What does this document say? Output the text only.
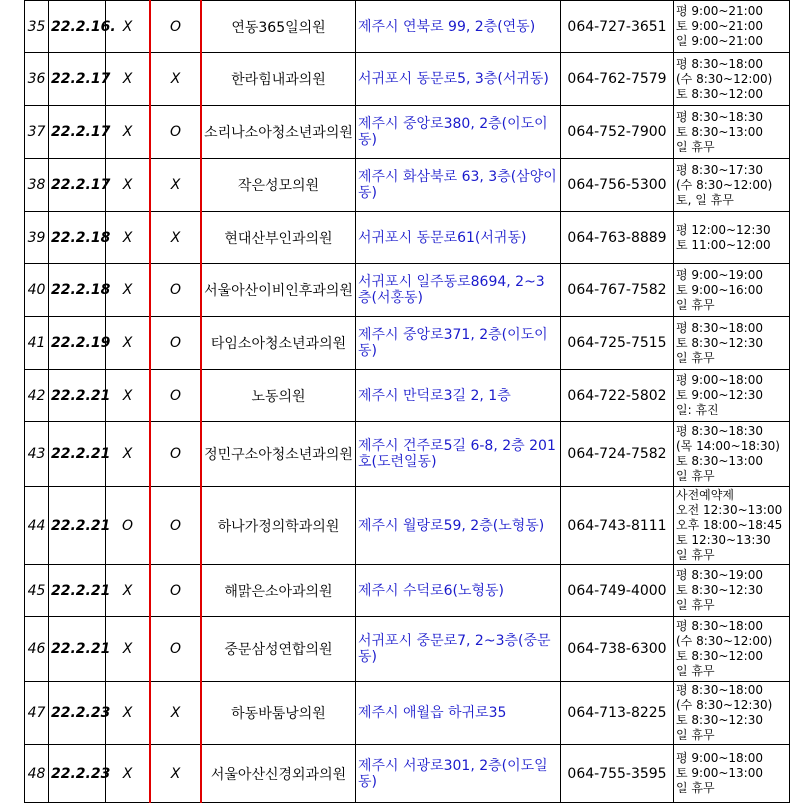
35	22.2.16.	X	O	연동365일의원	제주시 연북로 99, 2층(연동)	064-727-3651	평 9:00~21:00
토 9:00~21:00
일 9:00~21:00

36	22.2.17	X	X	한라힘내과의원	서귀포시 동문로5, 3층(서귀동)	064-762-7579	평 8:30~18:00
(수 8:30~12:00)
토 8:30~12:00

37	22.2.17	X	O	소리나소아청소년과의원	제주시 중앙로380, 2층(이도이동)	064-752-7900	평 8:30~18:30
토 8:30~13:00
일 휴무

38	22.2.17	X	X	작은성모의원	제주시 화삼북로 63, 3층(삼양이동)	064-756-5300	평 8:30~17:30
(수 8:30~12:00)
토, 일 휴무

39	22.2.18	X	X	현대산부인과의원	서귀포시 동문로61(서귀동)	064-763-8889	평 12:00~12:30
토 11:00~12:00

40	22.2.18	X	O	서울아산이비인후과의원	서귀포시 일주동로8694, 2~3층(서홍동)	064-767-7582	평 9:00~19:00
토 9:00~16:00
일 휴무

41	22.2.19	X	O	타임소아청소년과의원	제주시 중앙로371, 2층(이도이동)	064-725-7515	평 8:30~18:00
토 8:30~12:30
일 휴무

42	22.2.21	X	O	노동의원	제주시 만덕로3길 2, 1층	064-722-5802	평 9:00~18:00
토 9:00~12:30
일: 휴진

43	22.2.21	X	O	정민구소아청소년과의원	제주시 건주로5길 6-8, 2층 201호(도련일동)	064-724-7582	평 8:30~18:30
(목 14:00~18:30)
토 8:30~13:00
일 휴무

44	22.2.21	O	O	하나가정의학과의원	제주시 월랑로59, 2층(노형동)	064-743-8111	사전예약제
오전 12:30~13:00
오후 18:00~18:45
토 12:30~13:30
일 휴무

45	22.2.21	X	O	해맑은소아과의원	제주시 수덕로6(노형동)	064-749-4000	평 8:30~19:00
토 8:30~12:30
일 휴무

46	22.2.21	X	O	중문삼성연합의원	서귀포시 중문로7, 2~3층(중문동)	064-738-6300	평 8:30~18:00
(수 8:30~12:00)
토 8:30~12:00
일 휴무

47	22.2.23	X	X	하동바툼낭의원	제주시 애월읍 하귀로35	064-713-8225	평 8:30~18:00
(수 8:30~12:30)
토 8:30~12:30
일 휴무

48	22.2.23	X	X	서울아산신경외과의원	제주시 서광로301, 2층(이도일동)	064-755-3595	평 9:00~18:00
토 9:00~13:00
일 휴무
